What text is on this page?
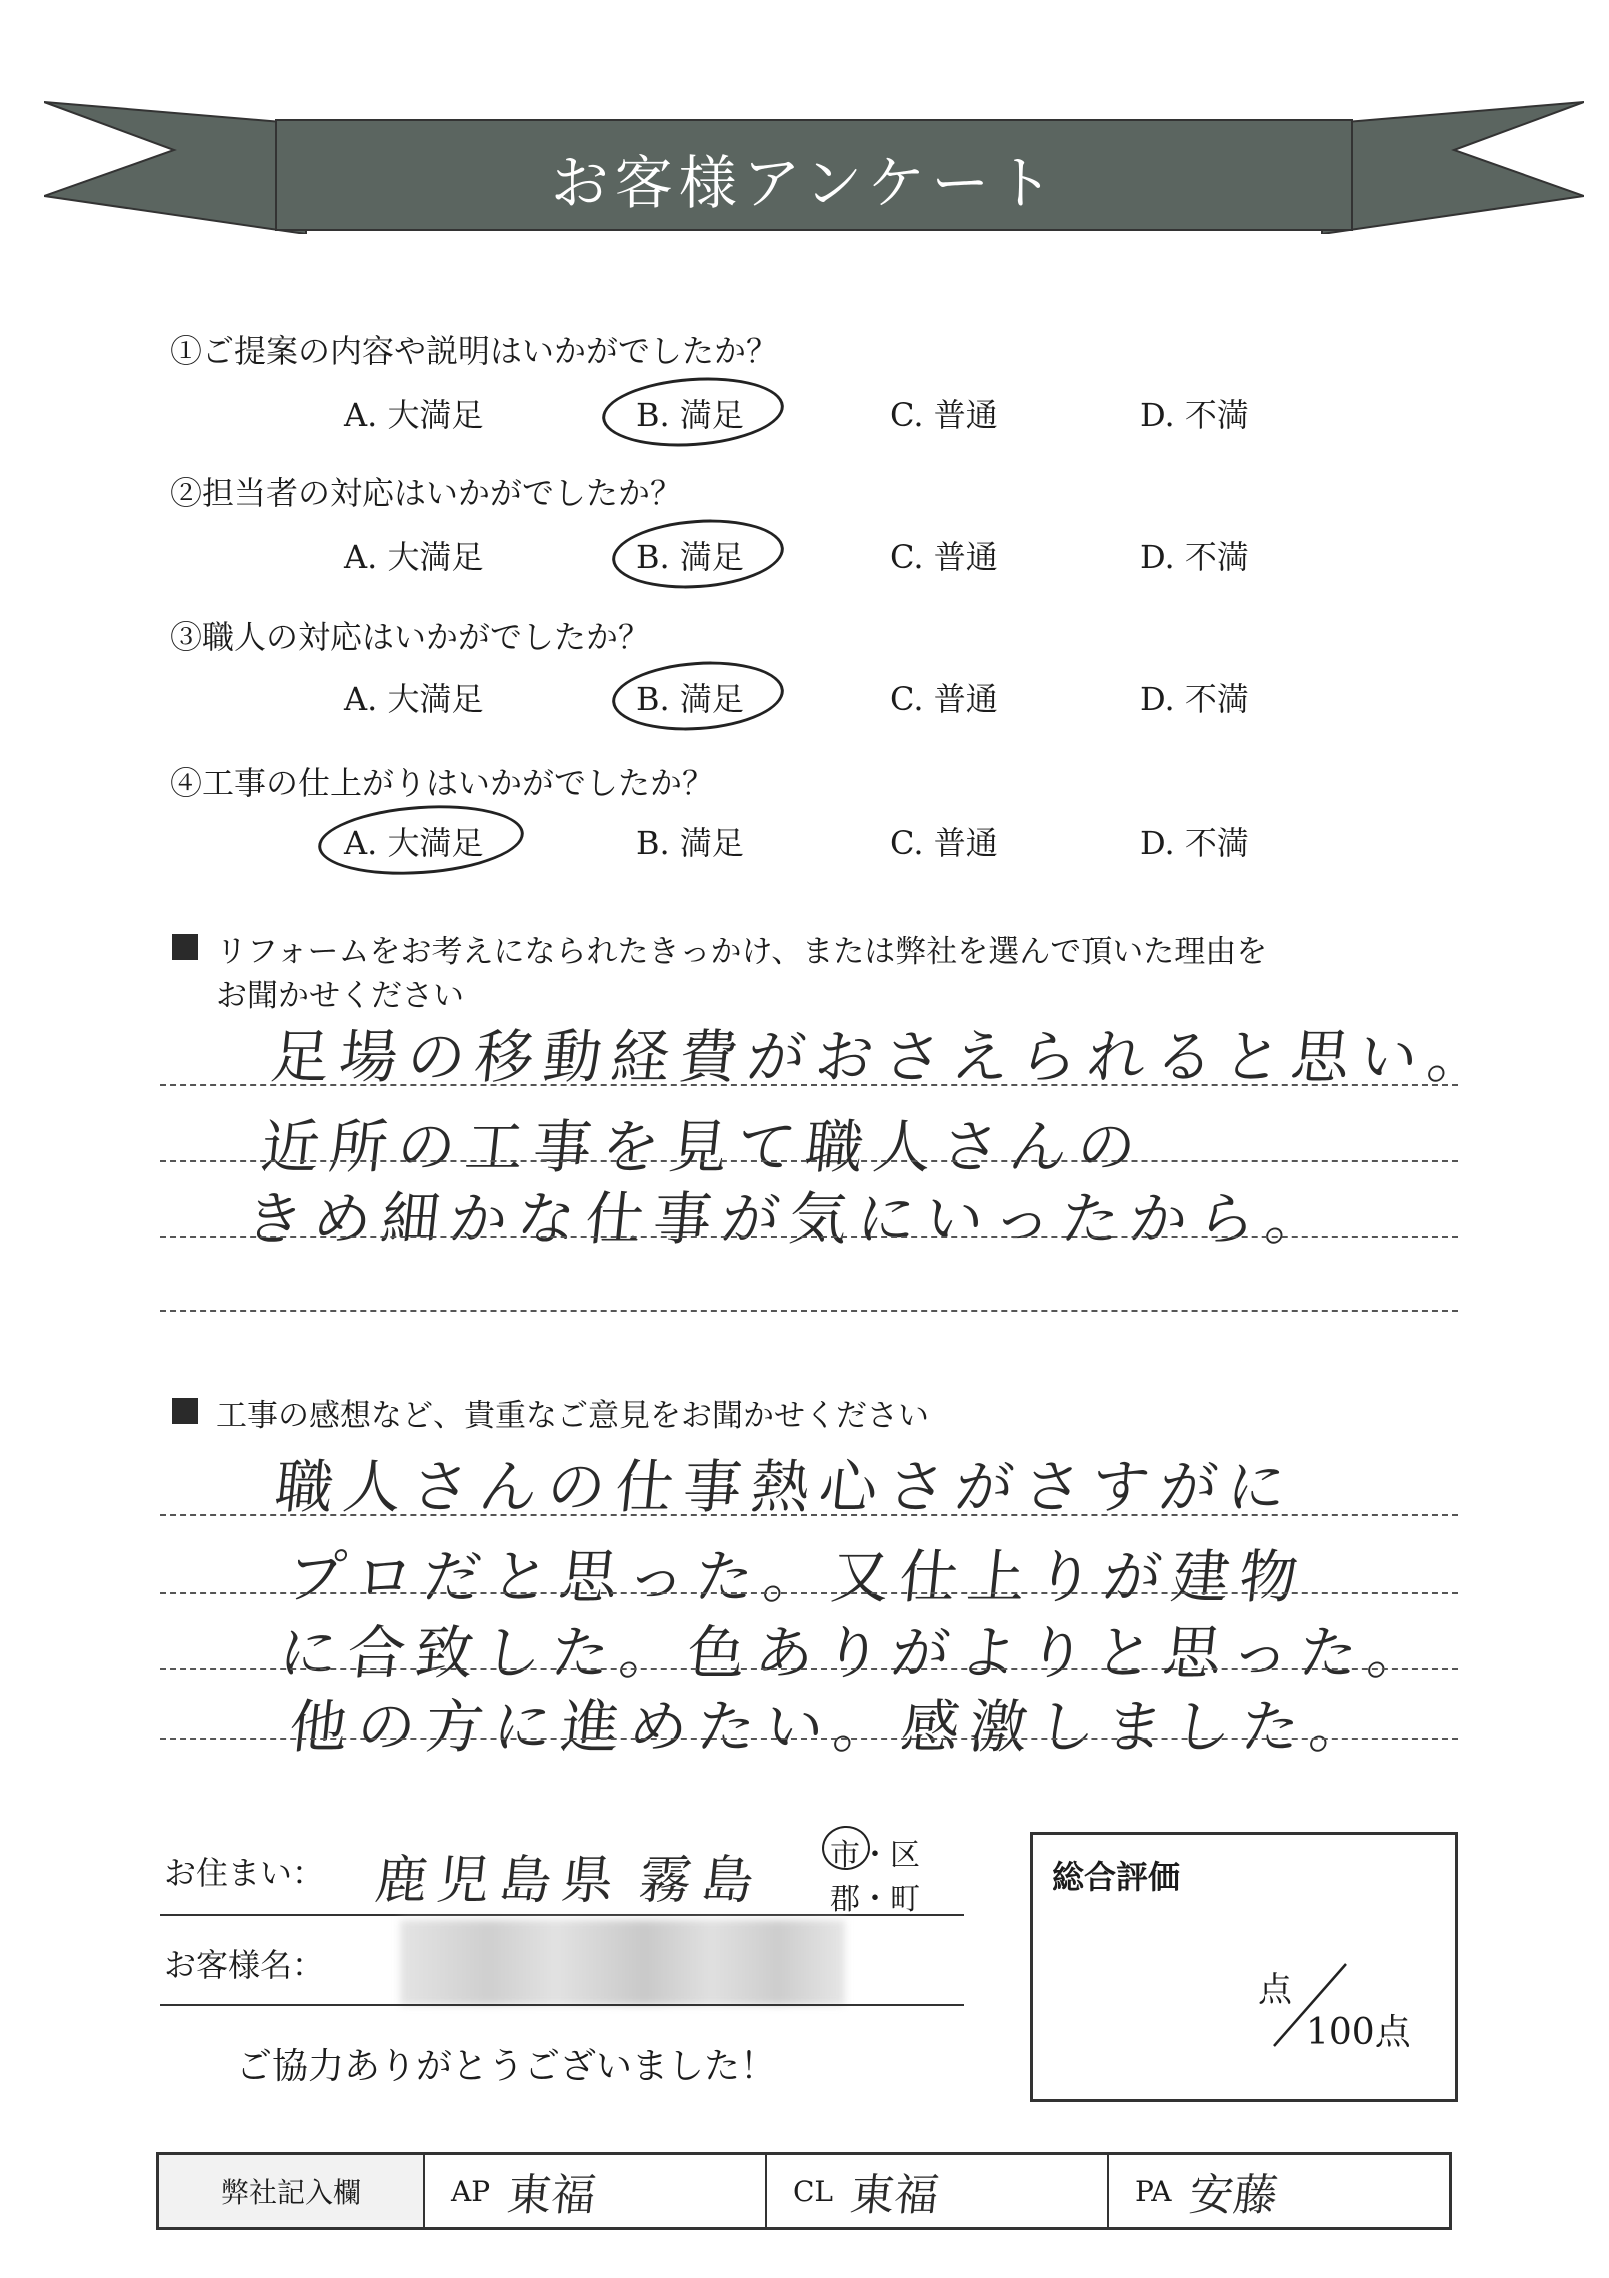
お客様アンケート
①ご提案の内容や説明はいかがでしたか？
A. 大満足	B. 満足	C. 普通	D. 不満
②担当者の対応はいかがでしたか？
A. 大満足	B. 満足	C. 普通	D. 不満
③職人の対応はいかがでしたか？
A. 大満足	B. 満足	C. 普通	D. 不満
④工事の仕上がりはいかがでしたか？
A. 大満足	B. 満足	C. 普通	D. 不満
リフォームをお考えになられたきっかけ、または弊社を選んで頂いた理由を
お聞かせください
足場の移動経費がおさえられると思い。
近所の工事を見て職人さんの
きめ細かな仕事が気にいったから。
工事の感想など、貴重なご意見をお聞かせください
職人さんの仕事熱心さがさすがに
プロだと思った。又仕上りが建物
に合致した。色ありがよりと思った。
他の方に進めたい。感激しました。
お住まい： 鹿児島県 霧島 市・区
郡・町
お客様名：
ご協力ありがとうございました！
総合評価
点
100点
弊社記入欄	AP 東福	CL 東福	PA 安藤
